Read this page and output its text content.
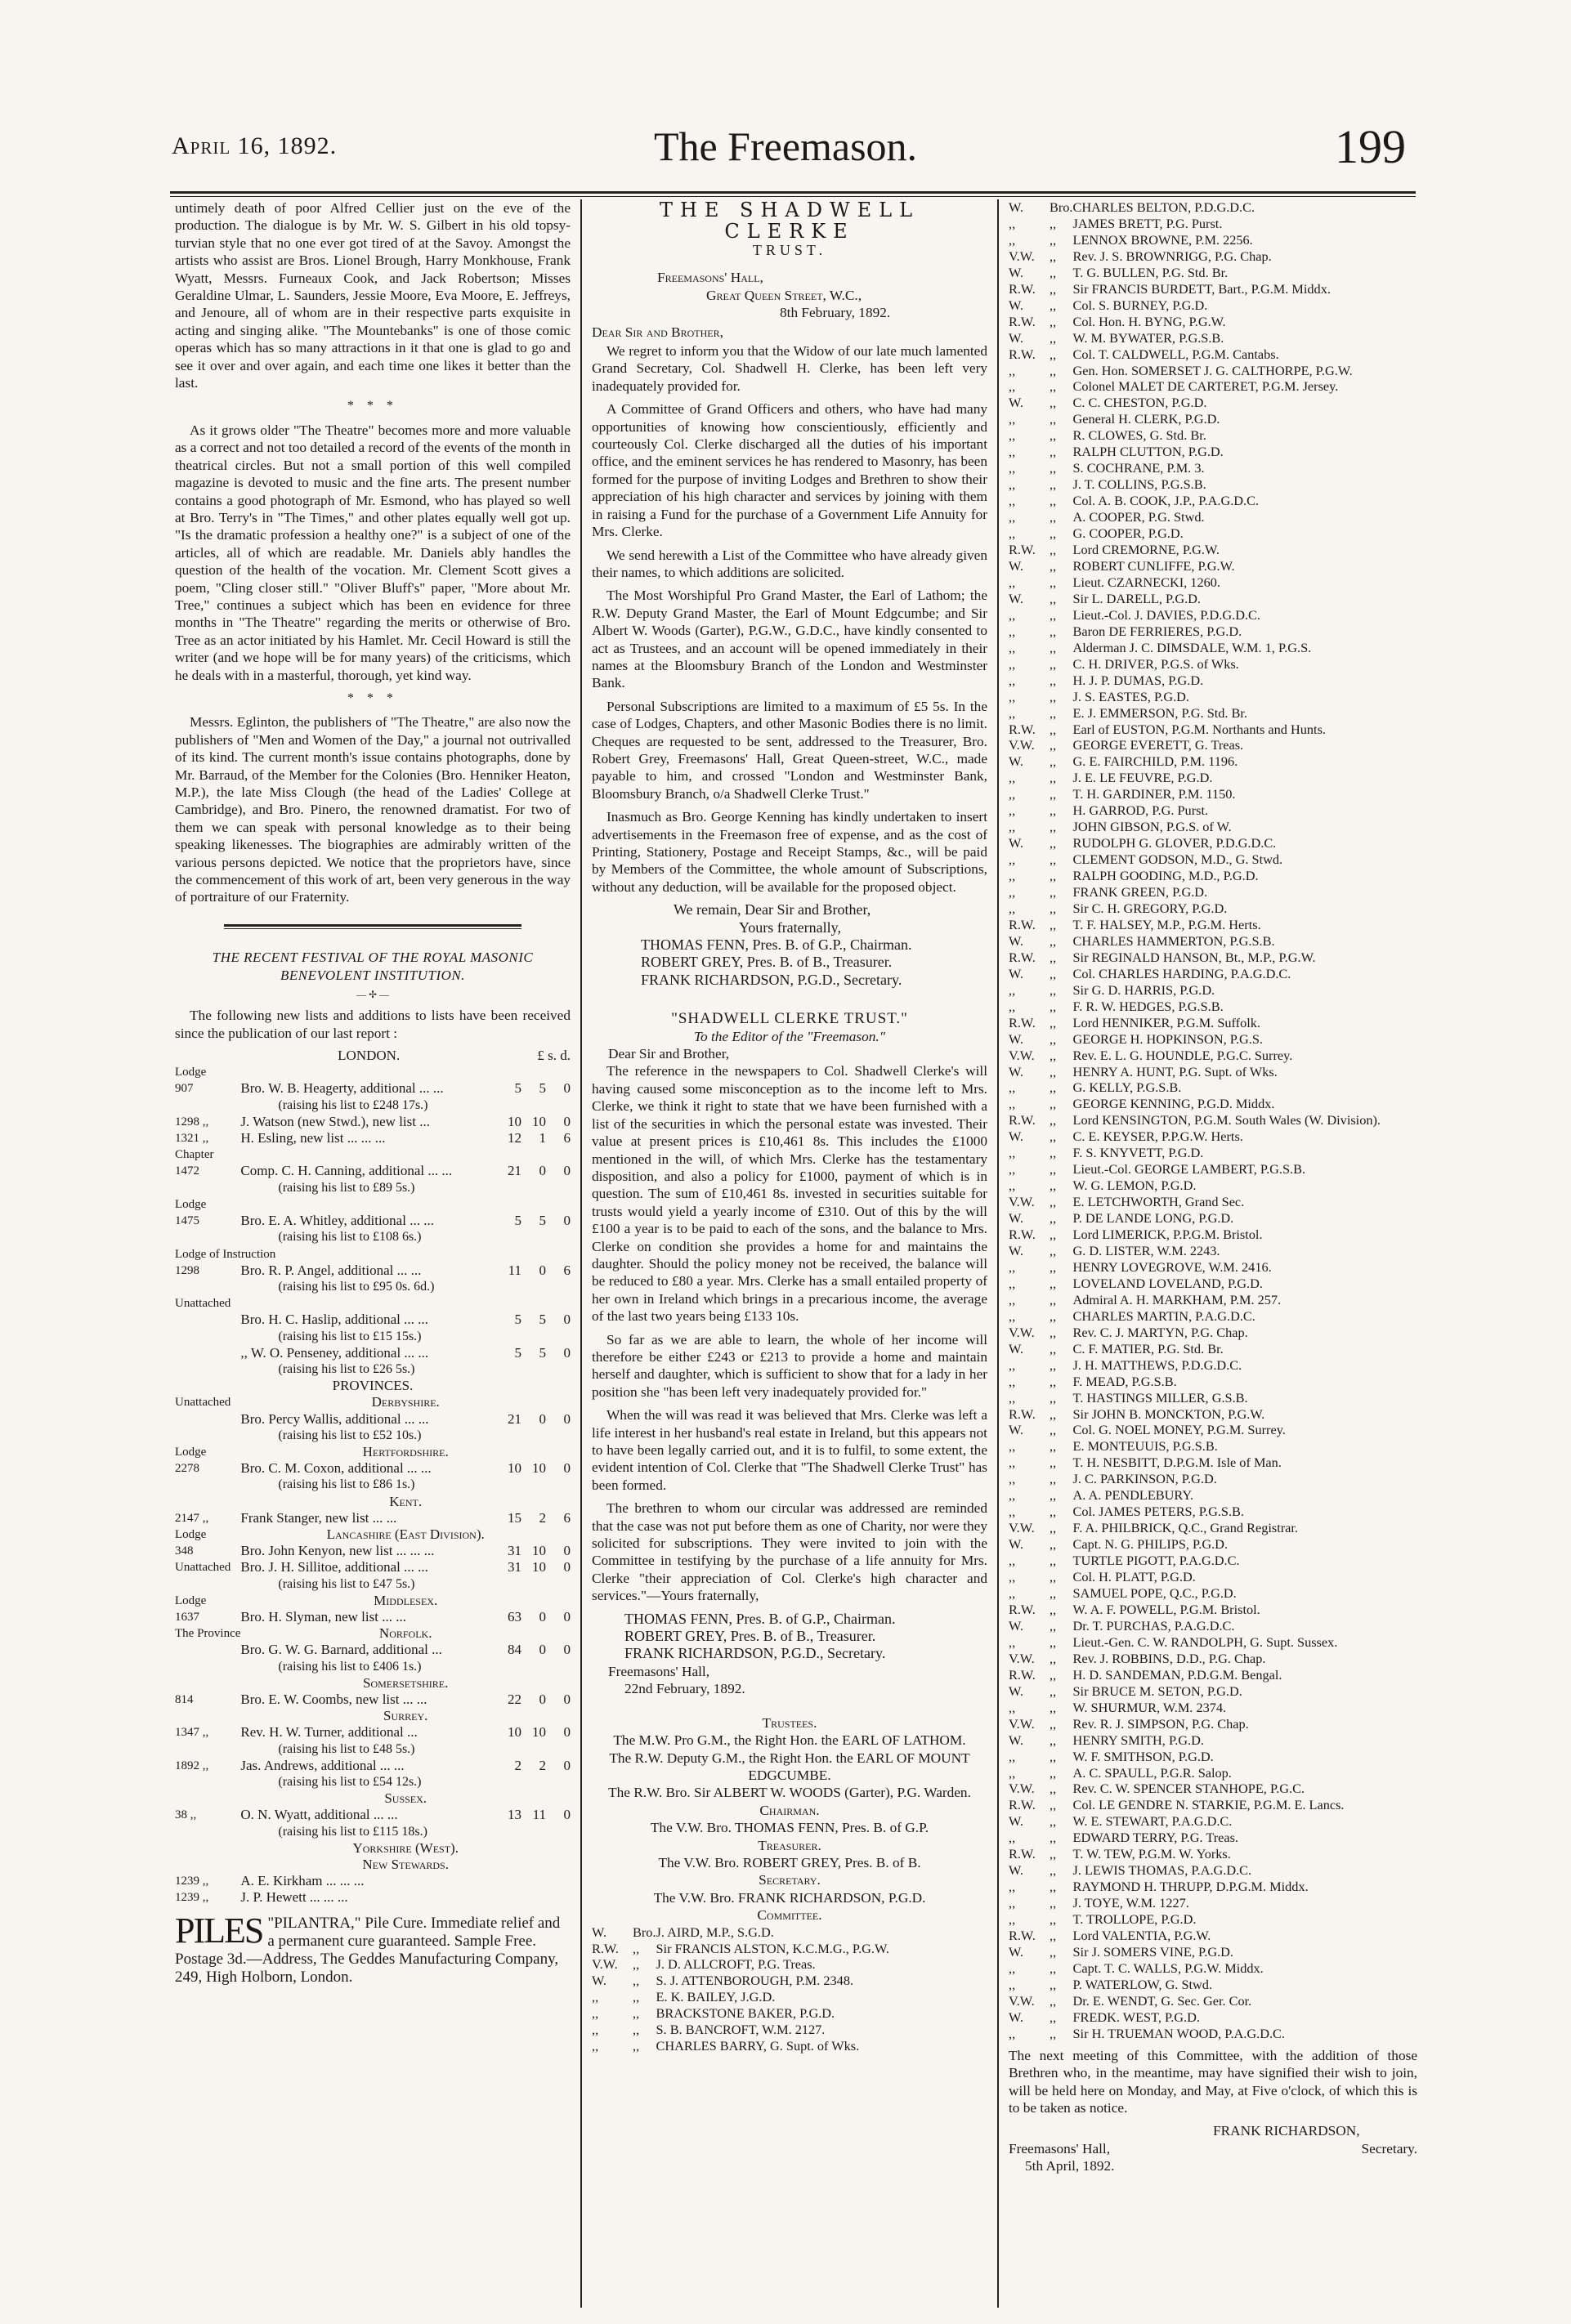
April 16, 1892.	The Freemason.	199

untimely death of poor Alfred Cellier just on the eve of the production. The dialogue is by Mr. W. S. Gilbert in his old topsy-turvian style that no one ever got tired of at the Savoy. Amongst the artists who assist are Bros. Lionel Brough, Harry Monkhouse, Frank Wyatt, Messrs. Furneaux Cook, and Jack Robertson; Misses Geraldine Ulmar, L. Saunders, Jessie Moore, Eva Moore, E. Jeffreys, and Jenoure, all of whom are in their respective parts exquisite in acting and singing alike. "The Mountebanks" is one of those comic operas which has so many attractions in it that one is glad to go and see it over and over again, and each time one likes it better than the last.

* * *

As it grows older "The Theatre" becomes more and more valuable as a correct and not too detailed a record of the events of the month in theatrical circles. But not a small portion of this well compiled magazine is devoted to music and the fine arts. The present number contains a good photograph of Mr. Esmond, who has played so well at Bro. Terry's in "The Times," and other plates equally well got up. "Is the dramatic profession a healthy one?" is a subject of one of the articles, all of which are readable. Mr. Daniels ably handles the question of the health of the vocation. Mr. Clement Scott gives a poem, "Cling closer still." "Oliver Bluff's" paper, "More about Mr. Tree," continues a subject which has been en evidence for three months in "The Theatre" regarding the merits or otherwise of Bro. Tree as an actor initiated by his Hamlet. Mr. Cecil Howard is still the writer (and we hope will be for many years) of the criticisms, which he deals with in a masterful, thorough, yet kind way.

* * *

Messrs. Eglinton, the publishers of "The Theatre," are also now the publishers of "Men and Women of the Day," a journal not outrivalled of its kind. The current month's issue contains photographs, done by Mr. Barraud, of the Member for the Colonies (Bro. Henniker Heaton, M.P.), the late Miss Clough (the head of the Ladies' College at Cambridge), and Bro. Pinero, the renowned dramatist. For two of them we can speak with personal knowledge as to their being speaking likenesses. The biographies are admirably written of the various persons depicted. We notice that the proprietors have, since the commencement of this work of art, been very generous in the way of portraiture of our Fraternity.

THE RECENT FESTIVAL OF THE ROYAL MASONIC BENEVOLENT INSTITUTION.
— ✢ —

The following new lists and additions to lists have been received since the publication of our last report :

	LONDON.	£ s. d.		
Lodge				
907	Bro. W. B. Heagerty, additional ... ...	5	5	0
	(raising his list to £248 17s.)			
1298 ,,	J. Watson (new Stwd.), new list ...	10	10	0
1321 ,,	H. Esling, new list ... ... ...	12	1	6
Chapter				
1472	Comp. C. H. Canning, additional ... ...	21	0	0
	(raising his list to £89 5s.)			
Lodge				
1475	Bro. E. A. Whitley, additional ... ...	5	5	0
	(raising his list to £108 6s.)			
Lodge of Instruction				
1298	Bro. R. P. Angel, additional ... ...	11	0	6
	(raising his list to £95 0s. 6d.)			
Unattached				
	Bro. H. C. Haslip, additional ... ...	5	5	0
	(raising his list to £15 15s.)			
	,, W. O. Penseney, additional ... ...	5	5	0
	(raising his list to £26 5s.)			
PROVINCES.				
Unattached	Derbyshire.			
	Bro. Percy Wallis, additional ... ...	21	0	0
	(raising his list to £52 10s.)			
Lodge	Hertfordshire.			
2278	Bro. C. M. Coxon, additional ... ...	10	10	0
	(raising his list to £86 1s.)			
	Kent.			
2147 ,,	Frank Stanger, new list ... ...	15	2	6
Lodge	Lancashire (East Division).			
348	Bro. John Kenyon, new list ... ... ...	31	10	0
Unattached	Bro. J. H. Sillitoe, additional ... ...	31	10	0
	(raising his list to £47 5s.)			
Lodge	Middlesex.			
1637	Bro. H. Slyman, new list ... ...	63	0	0
The Province	Norfolk.			
	Bro. G. W. G. Barnard, additional ...	84	0	0
	(raising his list to £406 1s.)			
	Somersetshire.			
814	Bro. E. W. Coombs, new list ... ...	22	0	0
	Surrey.			
1347 ,,	Rev. H. W. Turner, additional ...	10	10	0
	(raising his list to £48 5s.)			
1892 ,,	Jas. Andrews, additional ... ...	2	2	0
	(raising his list to £54 12s.)			
	Sussex.			
38 ,,	O. N. Wyatt, additional ... ...	13	11	0
	(raising his list to £115 18s.)			
	Yorkshire (West).			
	New Stewards.			
1239 ,,	A. E. Kirkham ... ... ...			
1239 ,,	J. P. Hewett ... ... ...			
PILES "PILANTRA," Pile Cure. Immediate relief and a permanent cure guaranteed. Sample Free. Postage 3d.—Address, The Geddes Manufacturing Company, 249, High Holborn, London.
THE SHADWELL CLERKE
TRUST.
Freemasons' Hall,
Great Queen Street, W.C.,
8th February, 1892.
Dear Sir and Brother,

We regret to inform you that the Widow of our late much lamented Grand Secretary, Col. Shadwell H. Clerke, has been left very inadequately provided for.

A Committee of Grand Officers and others, who have had many opportunities of knowing how conscientiously, efficiently and courteously Col. Clerke discharged all the duties of his important office, and the eminent services he has rendered to Masonry, has been formed for the purpose of inviting Lodges and Brethren to show their appreciation of his high character and services by joining with them in raising a Fund for the purchase of a Government Life Annuity for Mrs. Clerke.

We send herewith a List of the Committee who have already given their names, to which additions are solicited.

The Most Worshipful Pro Grand Master, the Earl of Lathom; the R.W. Deputy Grand Master, the Earl of Mount Edgcumbe; and Sir Albert W. Woods (Garter), P.G.W., G.D.C., have kindly consented to act as Trustees, and an account will be opened immediately in their names at the Bloomsbury Branch of the London and Westminster Bank.

Personal Subscriptions are limited to a maximum of £5 5s. In the case of Lodges, Chapters, and other Masonic Bodies there is no limit. Cheques are requested to be sent, addressed to the Treasurer, Bro. Robert Grey, Freemasons' Hall, Great Queen-street, W.C., made payable to him, and crossed "London and Westminster Bank, Bloomsbury Branch, o/a Shadwell Clerke Trust."

Inasmuch as Bro. George Kenning has kindly undertaken to insert advertisements in the Freemason free of expense, and as the cost of Printing, Stationery, Postage and Receipt Stamps, &c., will be paid by Members of the Committee, the whole amount of Subscriptions, without any deduction, will be available for the proposed object.

We remain, Dear Sir and Brother,
Yours fraternally,
THOMAS FENN, Pres. B. of G.P., Chairman.
ROBERT GREY, Pres. B. of B., Treasurer.
FRANK RICHARDSON, P.G.D., Secretary.
"SHADWELL CLERKE TRUST."
To the Editor of the "Freemason."
Dear Sir and Brother,

The reference in the newspapers to Col. Shadwell Clerke's will having caused some misconception as to the income left to Mrs. Clerke, we think it right to state that we have been furnished with a list of the securities in which the personal estate was invested. Their value at present prices is £10,461 8s. This includes the £1000 mentioned in the will, of which Mrs. Clerke has the testamentary disposition, and also a policy for £1000, payment of which is in question. The sum of £10,461 8s. invested in securities suitable for trusts would yield a yearly income of £310. Out of this by the will £100 a year is to be paid to each of the sons, and the balance to Mrs. Clerke on condition she provides a home for and maintains the daughter. Should the policy money not be received, the balance will be reduced to £80 a year. Mrs. Clerke has a small entailed property of her own in Ireland which brings in a precarious income, the average of the last two years being £133 10s.

So far as we are able to learn, the whole of her income will therefore be either £243 or £213 to provide a home and maintain herself and daughter, which is sufficient to show that for a lady in her position she "has been left very inadequately provided for."

When the will was read it was believed that Mrs. Clerke was left a life interest in her husband's real estate in Ireland, but this appears not to have been legally carried out, and it is to fulfil, to some extent, the evident intention of Col. Clerke that "The Shadwell Clerke Trust" has been formed.

The brethren to whom our circular was addressed are reminded that the case was not put before them as one of Charity, nor were they solicited for subscriptions. They were invited to join with the Committee in testifying by the purchase of a life annuity for Mrs. Clerke "their appreciation of Col. Clerke's high character and services."—Yours fraternally,

THOMAS FENN, Pres. B. of G.P., Chairman.
ROBERT GREY, Pres. B. of B., Treasurer.
FRANK RICHARDSON, P.G.D., Secretary.
Freemasons' Hall,
22nd February, 1892.
Trustees.
The M.W. Pro G.M., the Right Hon. the EARL OF LATHOM.
The R.W. Deputy G.M., the Right Hon. the EARL OF MOUNT EDGCUMBE.
The R.W. Bro. Sir ALBERT W. WOODS (Garter), P.G. Warden.
Chairman.
The V.W. Bro. THOMAS FENN, Pres. B. of G.P.
Treasurer.
The V.W. Bro. ROBERT GREY, Pres. B. of B.
Secretary.
The V.W. Bro. FRANK RICHARDSON, P.G.D.
Committee.
W.	Bro.	J. AIRD, M.P., S.G.D.
R.W.	,,	Sir FRANCIS ALSTON, K.C.M.G., P.G.W.
V.W.	,,	J. D. ALLCROFT, P.G. Treas.
W.	,,	S. J. ATTENBOROUGH, P.M. 2348.
,,	,,	E. K. BAILEY, J.G.D.
,,	,,	BRACKSTONE BAKER, P.G.D.
,,	,,	S. B. BANCROFT, W.M. 2127.
,,	,,	CHARLES BARRY, G. Supt. of Wks.
W.	Bro.	CHARLES BELTON, P.D.G.D.C.
,,	,,	JAMES BRETT, P.G. Purst.
,,	,,	LENNOX BROWNE, P.M. 2256.
V.W.	,,	Rev. J. S. BROWNRIGG, P.G. Chap.
W.	,,	T. G. BULLEN, P.G. Std. Br.
R.W.	,,	Sir FRANCIS BURDETT, Bart., P.G.M. Middx.
W.	,,	Col. S. BURNEY, P.G.D.
R.W.	,,	Col. Hon. H. BYNG, P.G.W.
W.	,,	W. M. BYWATER, P.G.S.B.
R.W.	,,	Col. T. CALDWELL, P.G.M. Cantabs.
,,	,,	Gen. Hon. SOMERSET J. G. CALTHORPE, P.G.W.
,,	,,	Colonel MALET DE CARTERET, P.G.M. Jersey.
W.	,,	C. C. CHESTON, P.G.D.
,,	,,	General H. CLERK, P.G.D.
,,	,,	R. CLOWES, G. Std. Br.
,,	,,	RALPH CLUTTON, P.G.D.
,,	,,	S. COCHRANE, P.M. 3.
,,	,,	J. T. COLLINS, P.G.S.B.
,,	,,	Col. A. B. COOK, J.P., P.A.G.D.C.
,,	,,	A. COOPER, P.G. Stwd.
,,	,,	G. COOPER, P.G.D.
R.W.	,,	Lord CREMORNE, P.G.W.
W.	,,	ROBERT CUNLIFFE, P.G.W.
,,	,,	Lieut. CZARNECKI, 1260.
W.	,,	Sir L. DARELL, P.G.D.
,,	,,	Lieut.-Col. J. DAVIES, P.D.G.D.C.
,,	,,	Baron DE FERRIERES, P.G.D.
,,	,,	Alderman J. C. DIMSDALE, W.M. 1, P.G.S.
,,	,,	C. H. DRIVER, P.G.S. of Wks.
,,	,,	H. J. P. DUMAS, P.G.D.
,,	,,	J. S. EASTES, P.G.D.
,,	,,	E. J. EMMERSON, P.G. Std. Br.
R.W.	,,	Earl of EUSTON, P.G.M. Northants and Hunts.
V.W.	,,	GEORGE EVERETT, G. Treas.
W.	,,	G. E. FAIRCHILD, P.M. 1196.
,,	,,	J. E. LE FEUVRE, P.G.D.
,,	,,	T. H. GARDINER, P.M. 1150.
,,	,,	H. GARROD, P.G. Purst.
,,	,,	JOHN GIBSON, P.G.S. of W.
W.	,,	RUDOLPH G. GLOVER, P.D.G.D.C.
,,	,,	CLEMENT GODSON, M.D., G. Stwd.
,,	,,	RALPH GOODING, M.D., P.G.D.
,,	,,	FRANK GREEN, P.G.D.
,,	,,	Sir C. H. GREGORY, P.G.D.
R.W.	,,	T. F. HALSEY, M.P., P.G.M. Herts.
W.	,,	CHARLES HAMMERTON, P.G.S.B.
R.W.	,,	Sir REGINALD HANSON, Bt., M.P., P.G.W.
W.	,,	Col. CHARLES HARDING, P.A.G.D.C.
,,	,,	Sir G. D. HARRIS, P.G.D.
,,	,,	F. R. W. HEDGES, P.G.S.B.
R.W.	,,	Lord HENNIKER, P.G.M. Suffolk.
W.	,,	GEORGE H. HOPKINSON, P.G.S.
V.W.	,,	Rev. E. L. G. HOUNDLE, P.G.C. Surrey.
W.	,,	HENRY A. HUNT, P.G. Supt. of Wks.
,,	,,	G. KELLY, P.G.S.B.
,,	,,	GEORGE KENNING, P.G.D. Middx.
R.W.	,,	Lord KENSINGTON, P.G.M. South Wales (W. Division).
W.	,,	C. E. KEYSER, P.P.G.W. Herts.
,,	,,	F. S. KNYVETT, P.G.D.
,,	,,	Lieut.-Col. GEORGE LAMBERT, P.G.S.B.
,,	,,	W. G. LEMON, P.G.D.
V.W.	,,	E. LETCHWORTH, Grand Sec.
W.	,,	P. DE LANDE LONG, P.G.D.
R.W.	,,	Lord LIMERICK, P.P.G.M. Bristol.
W.	,,	G. D. LISTER, W.M. 2243.
,,	,,	HENRY LOVEGROVE, W.M. 2416.
,,	,,	LOVELAND LOVELAND, P.G.D.
,,	,,	Admiral A. H. MARKHAM, P.M. 257.
,,	,,	CHARLES MARTIN, P.A.G.D.C.
V.W.	,,	Rev. C. J. MARTYN, P.G. Chap.
W.	,,	C. F. MATIER, P.G. Std. Br.
,,	,,	J. H. MATTHEWS, P.D.G.D.C.
,,	,,	F. MEAD, P.G.S.B.
,,	,,	T. HASTINGS MILLER, G.S.B.
R.W.	,,	Sir JOHN B. MONCKTON, P.G.W.
W.	,,	Col. G. NOEL MONEY, P.G.M. Surrey.
,,	,,	E. MONTEUUIS, P.G.S.B.
,,	,,	T. H. NESBITT, D.P.G.M. Isle of Man.
,,	,,	J. C. PARKINSON, P.G.D.
,,	,,	A. A. PENDLEBURY.
,,	,,	Col. JAMES PETERS, P.G.S.B.
V.W.	,,	F. A. PHILBRICK, Q.C., Grand Registrar.
W.	,,	Capt. N. G. PHILIPS, P.G.D.
,,	,,	TURTLE PIGOTT, P.A.G.D.C.
,,	,,	Col. H. PLATT, P.G.D.
,,	,,	SAMUEL POPE, Q.C., P.G.D.
R.W.	,,	W. A. F. POWELL, P.G.M. Bristol.
W.	,,	Dr. T. PURCHAS, P.A.G.D.C.
,,	,,	Lieut.-Gen. C. W. RANDOLPH, G. Supt. Sussex.
V.W.	,,	Rev. J. ROBBINS, D.D., P.G. Chap.
R.W.	,,	H. D. SANDEMAN, P.D.G.M. Bengal.
W.	,,	Sir BRUCE M. SETON, P.G.D.
,,	,,	W. SHURMUR, W.M. 2374.
V.W.	,,	Rev. R. J. SIMPSON, P.G. Chap.
W.	,,	HENRY SMITH, P.G.D.
,,	,,	W. F. SMITHSON, P.G.D.
,,	,,	A. C. SPAULL, P.G.R. Salop.
V.W.	,,	Rev. C. W. SPENCER STANHOPE, P.G.C.
R.W.	,,	Col. LE GENDRE N. STARKIE, P.G.M. E. Lancs.
W.	,,	W. E. STEWART, P.A.G.D.C.
,,	,,	EDWARD TERRY, P.G. Treas.
R.W.	,,	T. W. TEW, P.G.M. W. Yorks.
W.	,,	J. LEWIS THOMAS, P.A.G.D.C.
,,	,,	RAYMOND H. THRUPP, D.P.G.M. Middx.
,,	,,	J. TOYE, W.M. 1227.
,,	,,	T. TROLLOPE, P.G.D.
R.W.	,,	Lord VALENTIA, P.G.W.
W.	,,	Sir J. SOMERS VINE, P.G.D.
,,	,,	Capt. T. C. WALLS, P.G.W. Middx.
,,	,,	P. WATERLOW, G. Stwd.
V.W.	,,	Dr. E. WENDT, G. Sec. Ger. Cor.
W.	,,	FREDK. WEST, P.G.D.
,,	,,	Sir H. TRUEMAN WOOD, P.A.G.D.C.

The next meeting of this Committee, with the addition of those Brethren who, in the meantime, may have signified their wish to join, will be held here on Monday, and May, at Five o'clock, of which this is to be taken as notice.

FRANK RICHARDSON,
Freemasons' Hall,	Secretary.
5th April, 1892.
